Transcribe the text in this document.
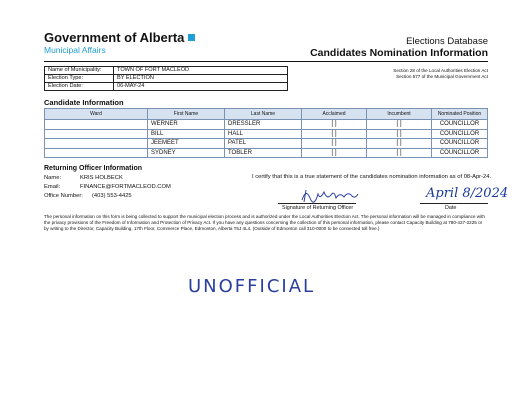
Government of Alberta
Municipal Affairs
Elections Database
Candidates Nomination Information
Name of Municipality:	TOWN OF FORT MACLEOD
Election Type:	BY ELECTION
Election Date:	06-MAY-24
Section 28 of the Local Authorities Election Act
Section 577 of the Municipal Government Act
Candidate Information
Ward	First Name	Last Name	Acclaimed	Incumbent	Nominated Position
	WERNER	DRESSLER	[ ]	[ ]	COUNCILLOR
	BILL	HALL	[ ]	[ ]	COUNCILLOR
	JEEMEET	PATEL	[ ]	[ ]	COUNCILLOR
	SYDNEY	TOBLER	[ ]	[ ]	COUNCILLOR
Returning Officer Information
Name:	KRIS HOLBECK
Email:	FINANCE@FORTMACLEOD.COM
Office Number: (403) 553-4425
I certify that this is a true statement of the candidates nomination information as of 08-Apr-24.
April 8/2024
Signature of Returning Officer	Date
The personal information on this form is being collected to support the municipal election process and is authorized under the Local Authorities Election Act. The personal information will be managed in compliance with the privacy provisions of the Freedom of Information and Protection of Privacy Act. If you have any questions concerning the collection of this personal information, please contact Capacity Building at 780-427-2225 or by writing to the Director, Capacity Building, 17th Floor, Commerce Place, Edmonton, Alberta T5J 4L4. (Outside of Edmonton call 310-0000 to be connected toll free.)
UNOFFICIAL
